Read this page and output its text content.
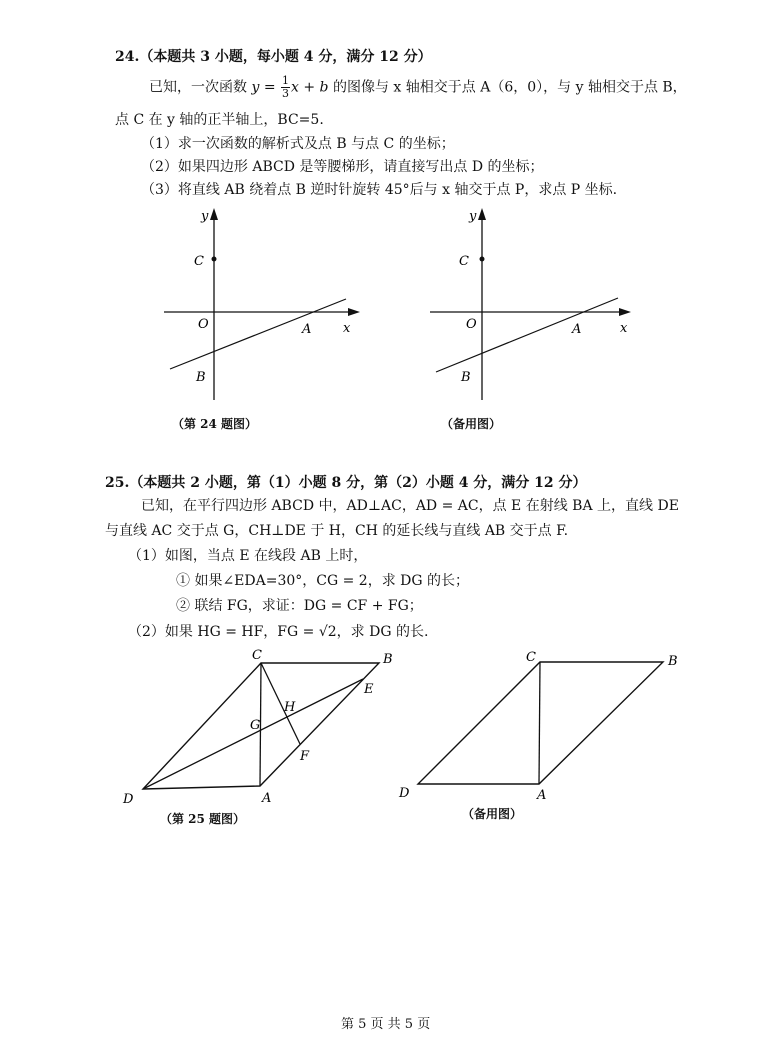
24.（本题共 3 小题，每小题 4 分，满分 12 分）
已知，一次函数 $y = \frac{1}{3}$ x + b 的图像与 x 轴相交于点 A（6，0），与 y 轴相交于点 B，
点 C 在 y 轴的正半轴上，BC=5.
（1）求一次函数的解析式及点 B 与点 C 的坐标；
（2）如果四边形 ABCD 是等腰梯形，请直接写出点 D 的坐标；
（3）将直线 AB 绕着点 B 逆时针旋转 45°后与 x 轴交于点 P，求点 P 坐标.
y
C
O	A x
B
（第 24 题图）
y
C
O	A	x
B
（备用图）
25.（本题共 2 小题，第（1）小题 8 分，第（2）小题 4 分，满分 12 分）
已知，在平行四边形 ABCD 中，AD⊥AC，AD = AC，点 E 在射线 BA 上，直线 DE
与直线 AC 交于点 G，CH⊥DE 于 H，CH 的延长线与直线 AB 交于点 F.
（1）如图，当点 E 在线段 AB 上时，
① 如果∠EDA=30°，CG = 2，求 DG 的长；
② 联结 FG，求证：DG = CF + FG；
（2）如果 HG = HF，FG = √2，求 DG 的长.
C	B
E
H
G
F
D	A
（第 25 题图）
C	B
D	A
（备用图）
第 5 页 共 5 页
